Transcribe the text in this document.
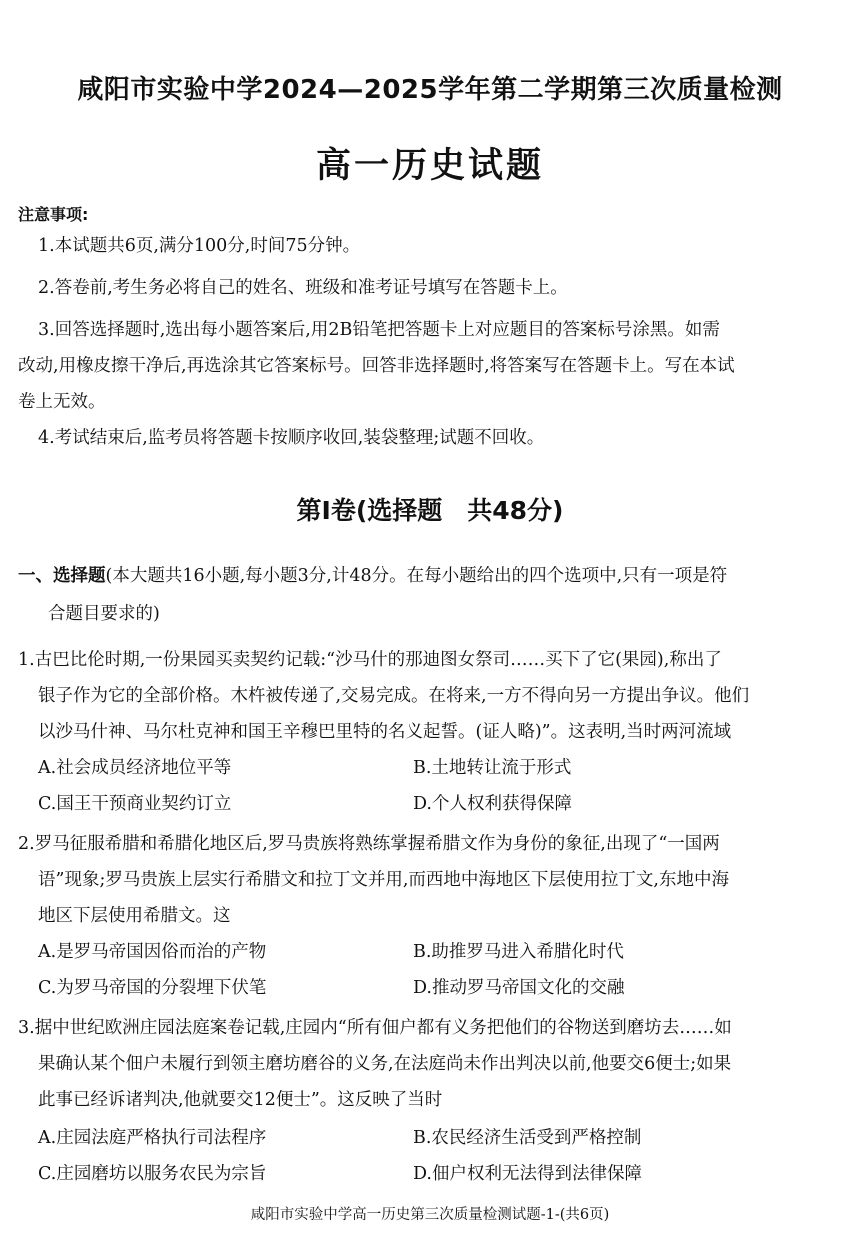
咸阳市实验中学2024—2025学年第二学期第三次质量检测
高一历史试题
注意事项:
1.本试题共6页,满分100分,时间75分钟。
2.答卷前,考生务必将自己的姓名、班级和准考证号填写在答题卡上。
3.回答选择题时,选出每小题答案后,用2B铅笔把答题卡上对应题目的答案标号涂黑。如需
改动,用橡皮擦干净后,再选涂其它答案标号。回答非选择题时,将答案写在答题卡上。写在本试
卷上无效。
4.考试结束后,监考员将答题卡按顺序收回,装袋整理;试题不回收。
第Ⅰ卷(选择题　共48分)
一、选择题(本大题共16小题,每小题3分,计48分。在每小题给出的四个选项中,只有一项是符
合题目要求的)
1.古巴比伦时期,一份果园买卖契约记载:“沙马什的那迪图女祭司……买下了它(果园),称出了
银子作为它的全部价格。木杵被传递了,交易完成。在将来,一方不得向另一方提出争议。他们
以沙马什神、马尔杜克神和国王辛穆巴里特的名义起誓。(证人略)”。这表明,当时两河流域
A.社会成员经济地位平等	B.土地转让流于形式
C.国王干预商业契约订立	D.个人权利获得保障
2.罗马征服希腊和希腊化地区后,罗马贵族将熟练掌握希腊文作为身份的象征,出现了“一国两
语”现象;罗马贵族上层实行希腊文和拉丁文并用,而西地中海地区下层使用拉丁文,东地中海
地区下层使用希腊文。这
A.是罗马帝国因俗而治的产物	B.助推罗马进入希腊化时代
C.为罗马帝国的分裂埋下伏笔	D.推动罗马帝国文化的交融
3.据中世纪欧洲庄园法庭案卷记载,庄园内“所有佃户都有义务把他们的谷物送到磨坊去……如
果确认某个佃户未履行到领主磨坊磨谷的义务,在法庭尚未作出判决以前,他要交6便士;如果
此事已经诉诸判决,他就要交12便士”。这反映了当时
A.庄园法庭严格执行司法程序	B.农民经济生活受到严格控制
C.庄园磨坊以服务农民为宗旨	D.佃户权利无法得到法律保障
咸阳市实验中学高一历史第三次质量检测试题-1-(共6页)
